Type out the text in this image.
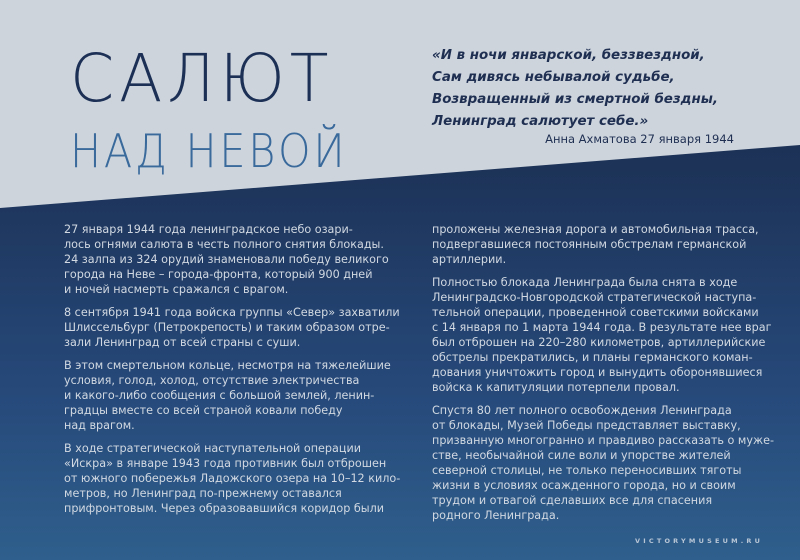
САЛЮТ
НАД НЕВОЙ
«И в ночи январской, беззвездной,
Сам дивясь небывалой судьбе,
Возвращенный из смертной бездны,
Ленинград салютует себе.»
Анна Ахматова 27 января 1944

27 января 1944 года ленинградское небо озари-
лось огнями салюта в честь полного снятия блокады.
24 залпа из 324 орудий знаменовали победу великого
города на Неве – города-фронта, который 900 дней
и ночей насмерть сражался с врагом.

8 сентября 1941 года войска группы «Север» захватили
Шлиссельбург (Петрокрепость) и таким образом отре-
зали Ленинград от всей страны с суши.

В этом смертельном кольце, несмотря на тяжелейшие
условия, голод, холод, отсутствие электричества
и какого-либо сообщения с большой землей, ленин-
градцы вместе со всей страной ковали победу
над врагом.

В ходе стратегической наступательной операции
«Искра» в январе 1943 года противник был отброшен
от южного побережья Ладожского озера на 10–12 кило-
метров, но Ленинград по-прежнему оставался
прифронтовым. Через образовавшийся коридор были

проложены железная дорога и автомобильная трасса,
подвергавшиеся постоянным обстрелам германской
артиллерии.

Полностью блокада Ленинграда была снята в ходе
Ленинградско-Новгородской стратегической наступа-
тельной операции, проведенной советскими войсками
с 14 января по 1 марта 1944 года. В результате нее враг
был отброшен на 220–280 километров, артиллерийские
обстрелы прекратились, и планы германского коман-
дования уничтожить город и вынудить оборонявшиеся
войска к капитуляции потерпели провал.

Спустя 80 лет полного освобождения Ленинграда
от блокады, Музей Победы представляет выставку,
призванную многогранно и правдиво рассказать о муже-
стве, необычайной силе воли и упорстве жителей
северной столицы, не только переносивших тяготы
жизни в условиях осажденного города, но и своим
трудом и отвагой сделавших все для спасения
родного Ленинграда.

VICTORYMUSEUM.RU
